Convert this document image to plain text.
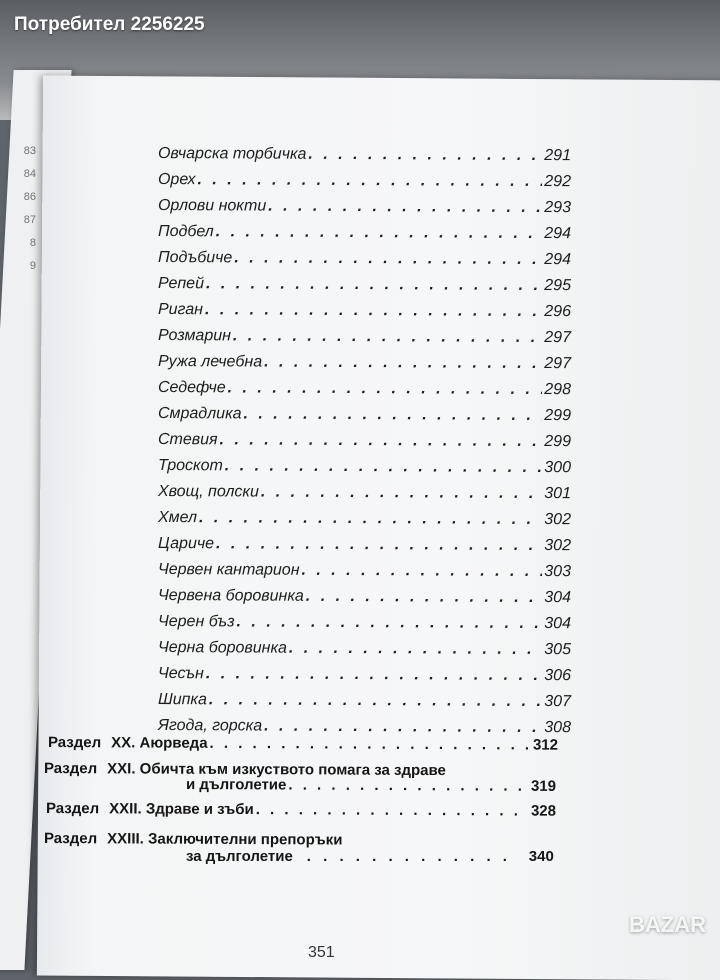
83
84
86
87
8
9
Овчарска торбичка . . .	291
Орех . . .	292
Орлови нокти . . .	293
Подбел . . .	294
Подъбиче . . .	294
Репей . . .	295
Риган . . .	296
Розмарин . . .	297
Ружа лечебна . . .	297
Седефче . . .	298
Смрадлика . . .	299
Стевия . . .	299
Троскот . . .	300
Хвощ, полски . . .	301
Хмел . . .	302
Цариче . . .	302
Червен кантарион . . .	303
Червена боровинка . . .	304
Черен бъз . . .	304
Черна боровинка . . .	305
Чесън . . .	306
Шипка . . .	307
Ягода, горска . . .	308
Раздел XX. Аюрведа . . .	312
Раздел XXI. Обичта към изкуството помага за здраве
и дълголетие . . .	319
Раздел XXII. Здраве и зъби . . .	328
Раздел XXIII. Заключителни препоръки
за дълголетие . . .	340
351
Потребител 2256225
BAZAR
